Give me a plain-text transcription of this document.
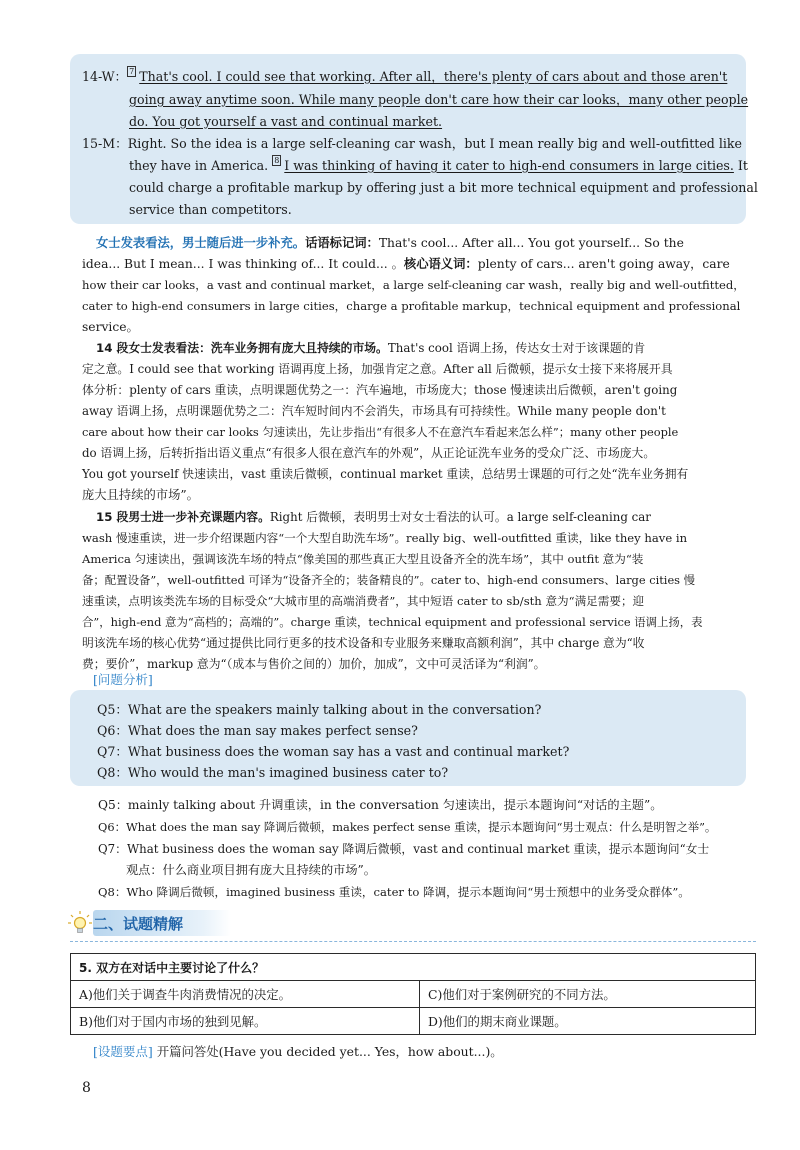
14-W： 7 That's cool. I could see that working. After all，there's plenty of cars about and those aren't
going away anytime soon. While many people don't care how their car looks，many other people
do. You got yourself a vast and continual market.
15-M：Right. So the idea is a large self-cleaning car wash，but I mean really big and well-outfitted like
they have in America. 8 I was thinking of having it cater to high-end consumers in large cities. It
could charge a profitable markup by offering just a bit more technical equipment and professional
service than competitors.
女士发表看法，男士随后进一步补充。话语标记词：That's cool... After all... You got yourself... So the
idea... But I mean... I was thinking of... It could... 。核心语义词：plenty of cars... aren't going away，care
how their car looks，a vast and continual market，a large self-cleaning car wash，really big and well-outfitted，
cater to high-end consumers in large cities，charge a profitable markup，technical equipment and professional
service。
14 段女士发表看法：洗车业务拥有庞大且持续的市场。That's cool 语调上扬，传达女士对于该课题的肯
定之意。I could see that working 语调再度上扬，加强肯定之意。After all 后微顿，提示女士接下来将展开具
体分析：plenty of cars 重读，点明课题优势之一：汽车遍地，市场庞大；those 慢速读出后微顿，aren't going
away 语调上扬，点明课题优势之二：汽车短时间内不会消失，市场具有可持续性。While many people don't
care about how their car looks 匀速读出，先让步指出“有很多人不在意汽车看起来怎么样”；many other people
do 语调上扬，后转折指出语义重点“有很多人很在意汽车的外观”，从正论证洗车业务的受众广泛、市场庞大。
You got yourself 快速读出，vast 重读后微顿，continual market 重读，总结男士课题的可行之处“洗车业务拥有
庞大且持续的市场”。
15 段男士进一步补充课题内容。Right 后微顿，表明男士对女士看法的认可。a large self-cleaning car
wash 慢速重读，进一步介绍课题内容“一个大型自助洗车场”。really big、well-outfitted 重读，like they have in
America 匀速读出，强调该洗车场的特点“像美国的那些真正大型且设备齐全的洗车场”，其中 outfit 意为“装
备；配置设备”，well-outfitted 可译为“设备齐全的；装备精良的”。cater to、high-end consumers、large cities 慢
速重读，点明该类洗车场的目标受众“大城市里的高端消费者”，其中短语 cater to sb/sth 意为“满足需要；迎
合”，high-end 意为“高档的；高端的”。charge 重读，technical equipment and professional service 语调上扬，表
明该洗车场的核心优势“通过提供比同行更多的技术设备和专业服务来赚取高额利润”，其中 charge 意为“收
费；要价”，markup 意为“（成本与售价之间的）加价，加成”，文中可灵活译为“利润”。
[问题分析]
Q5：What are the speakers mainly talking about in the conversation?
Q6：What does the man say makes perfect sense?
Q7：What business does the woman say has a vast and continual market?
Q8：Who would the man's imagined business cater to?
Q5：mainly talking about 升调重读，in the conversation 匀速读出，提示本题询问“对话的主题”。
Q6：What does the man say 降调后微顿，makes perfect sense 重读，提示本题询问“男士观点：什么是明智之举”。
Q7：What business does the woman say 降调后微顿，vast and continual market 重读，提示本题询问“女士
观点：什么商业项目拥有庞大且持续的市场”。
Q8：Who 降调后微顿，imagined business 重读，cater to 降调，提示本题询问“男士预想中的业务受众群体”。
二、试题精解
5. 双方在对话中主要讨论了什么？	
A)他们关于调查牛肉消费情况的决定。	C)他们对于案例研究的不同方法。
B)他们对于国内市场的独到见解。	D)他们的期末商业课题。
[设题要点] 开篇问答处(Have you decided yet... Yes，how about...)。
8
